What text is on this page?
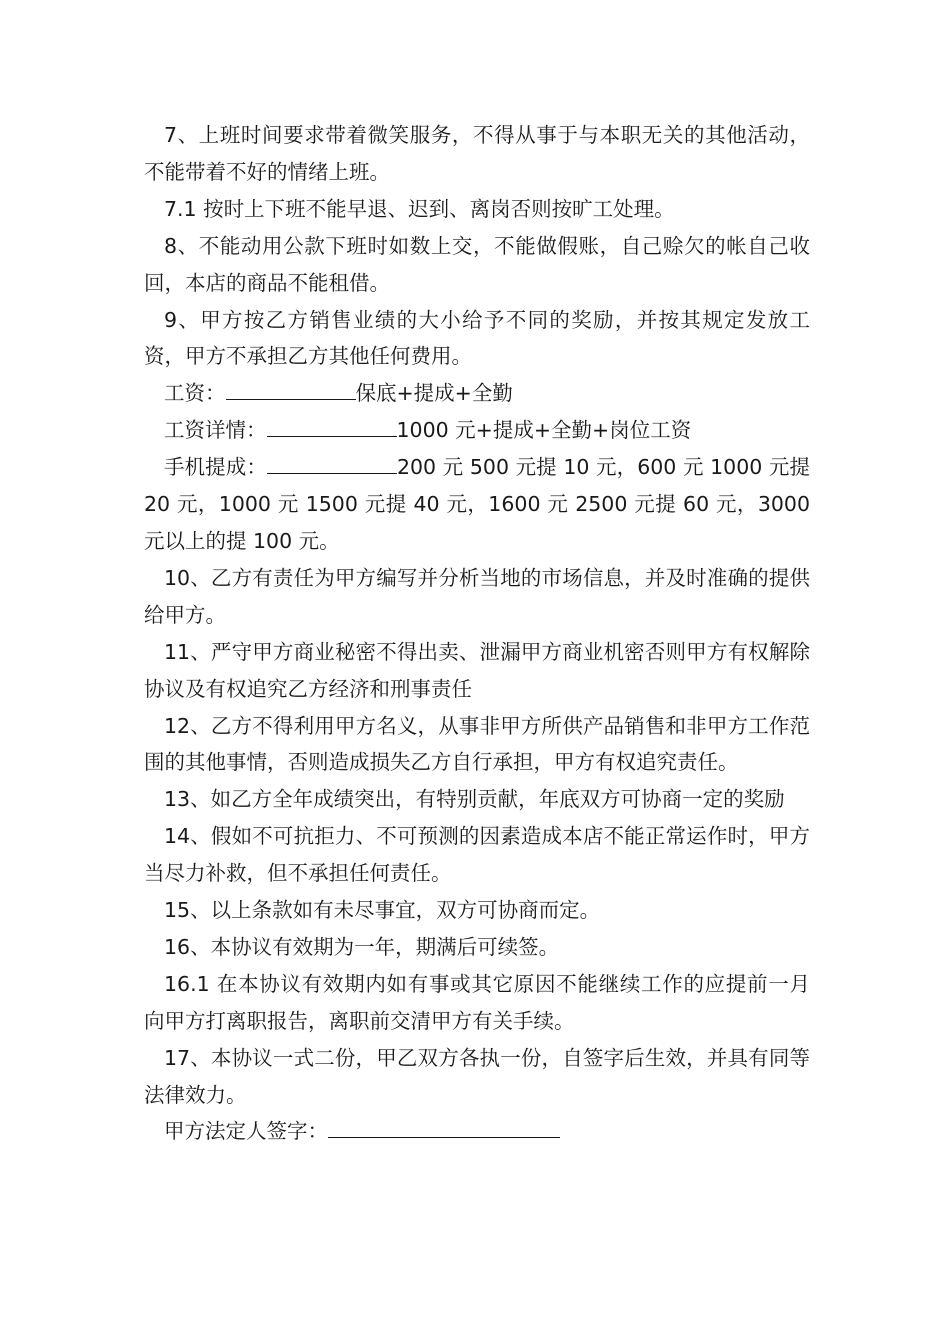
7、上班时间要求带着微笑服务，不得从事于与本职无关的其他活动，不能带着不好的情绪上班。

7.1 按时上下班不能早退、迟到、离岗否则按旷工处理。

8、不能动用公款下班时如数上交，不能做假账，自己赊欠的帐自己收回，本店的商品不能租借。

9、甲方按乙方销售业绩的大小给予不同的奖励，并按其规定发放工资，甲方不承担乙方其他任何费用。

工资：	保底+提成+全勤

工资详情：	1000 元+提成+全勤+岗位工资

手机提成：	200 元 500 元提 10 元，600 元 1000 元提 20 元，1000 元 1500 元提 40 元，1600 元 2500 元提 60 元，3000 元以上的提 100 元。

10、乙方有责任为甲方编写并分析当地的市场信息，并及时准确的提供给甲方。

11、严守甲方商业秘密不得出卖、泄漏甲方商业机密否则甲方有权解除协议及有权追究乙方经济和刑事责任

12、乙方不得利用甲方名义，从事非甲方所供产品销售和非甲方工作范围的其他事情，否则造成损失乙方自行承担，甲方有权追究责任。

13、如乙方全年成绩突出，有特别贡献，年底双方可协商一定的奖励

14、假如不可抗拒力、不可预测的因素造成本店不能正常运作时，甲方当尽力补救，但不承担任何责任。

15、以上条款如有未尽事宜，双方可协商而定。

16、本协议有效期为一年，期满后可续签。

16.1 在本协议有效期内如有事或其它原因不能继续工作的应提前一月向甲方打离职报告，离职前交清甲方有关手续。

17、本协议一式二份，甲乙双方各执一份，自签字后生效，并具有同等法律效力。

甲方法定人签字：
